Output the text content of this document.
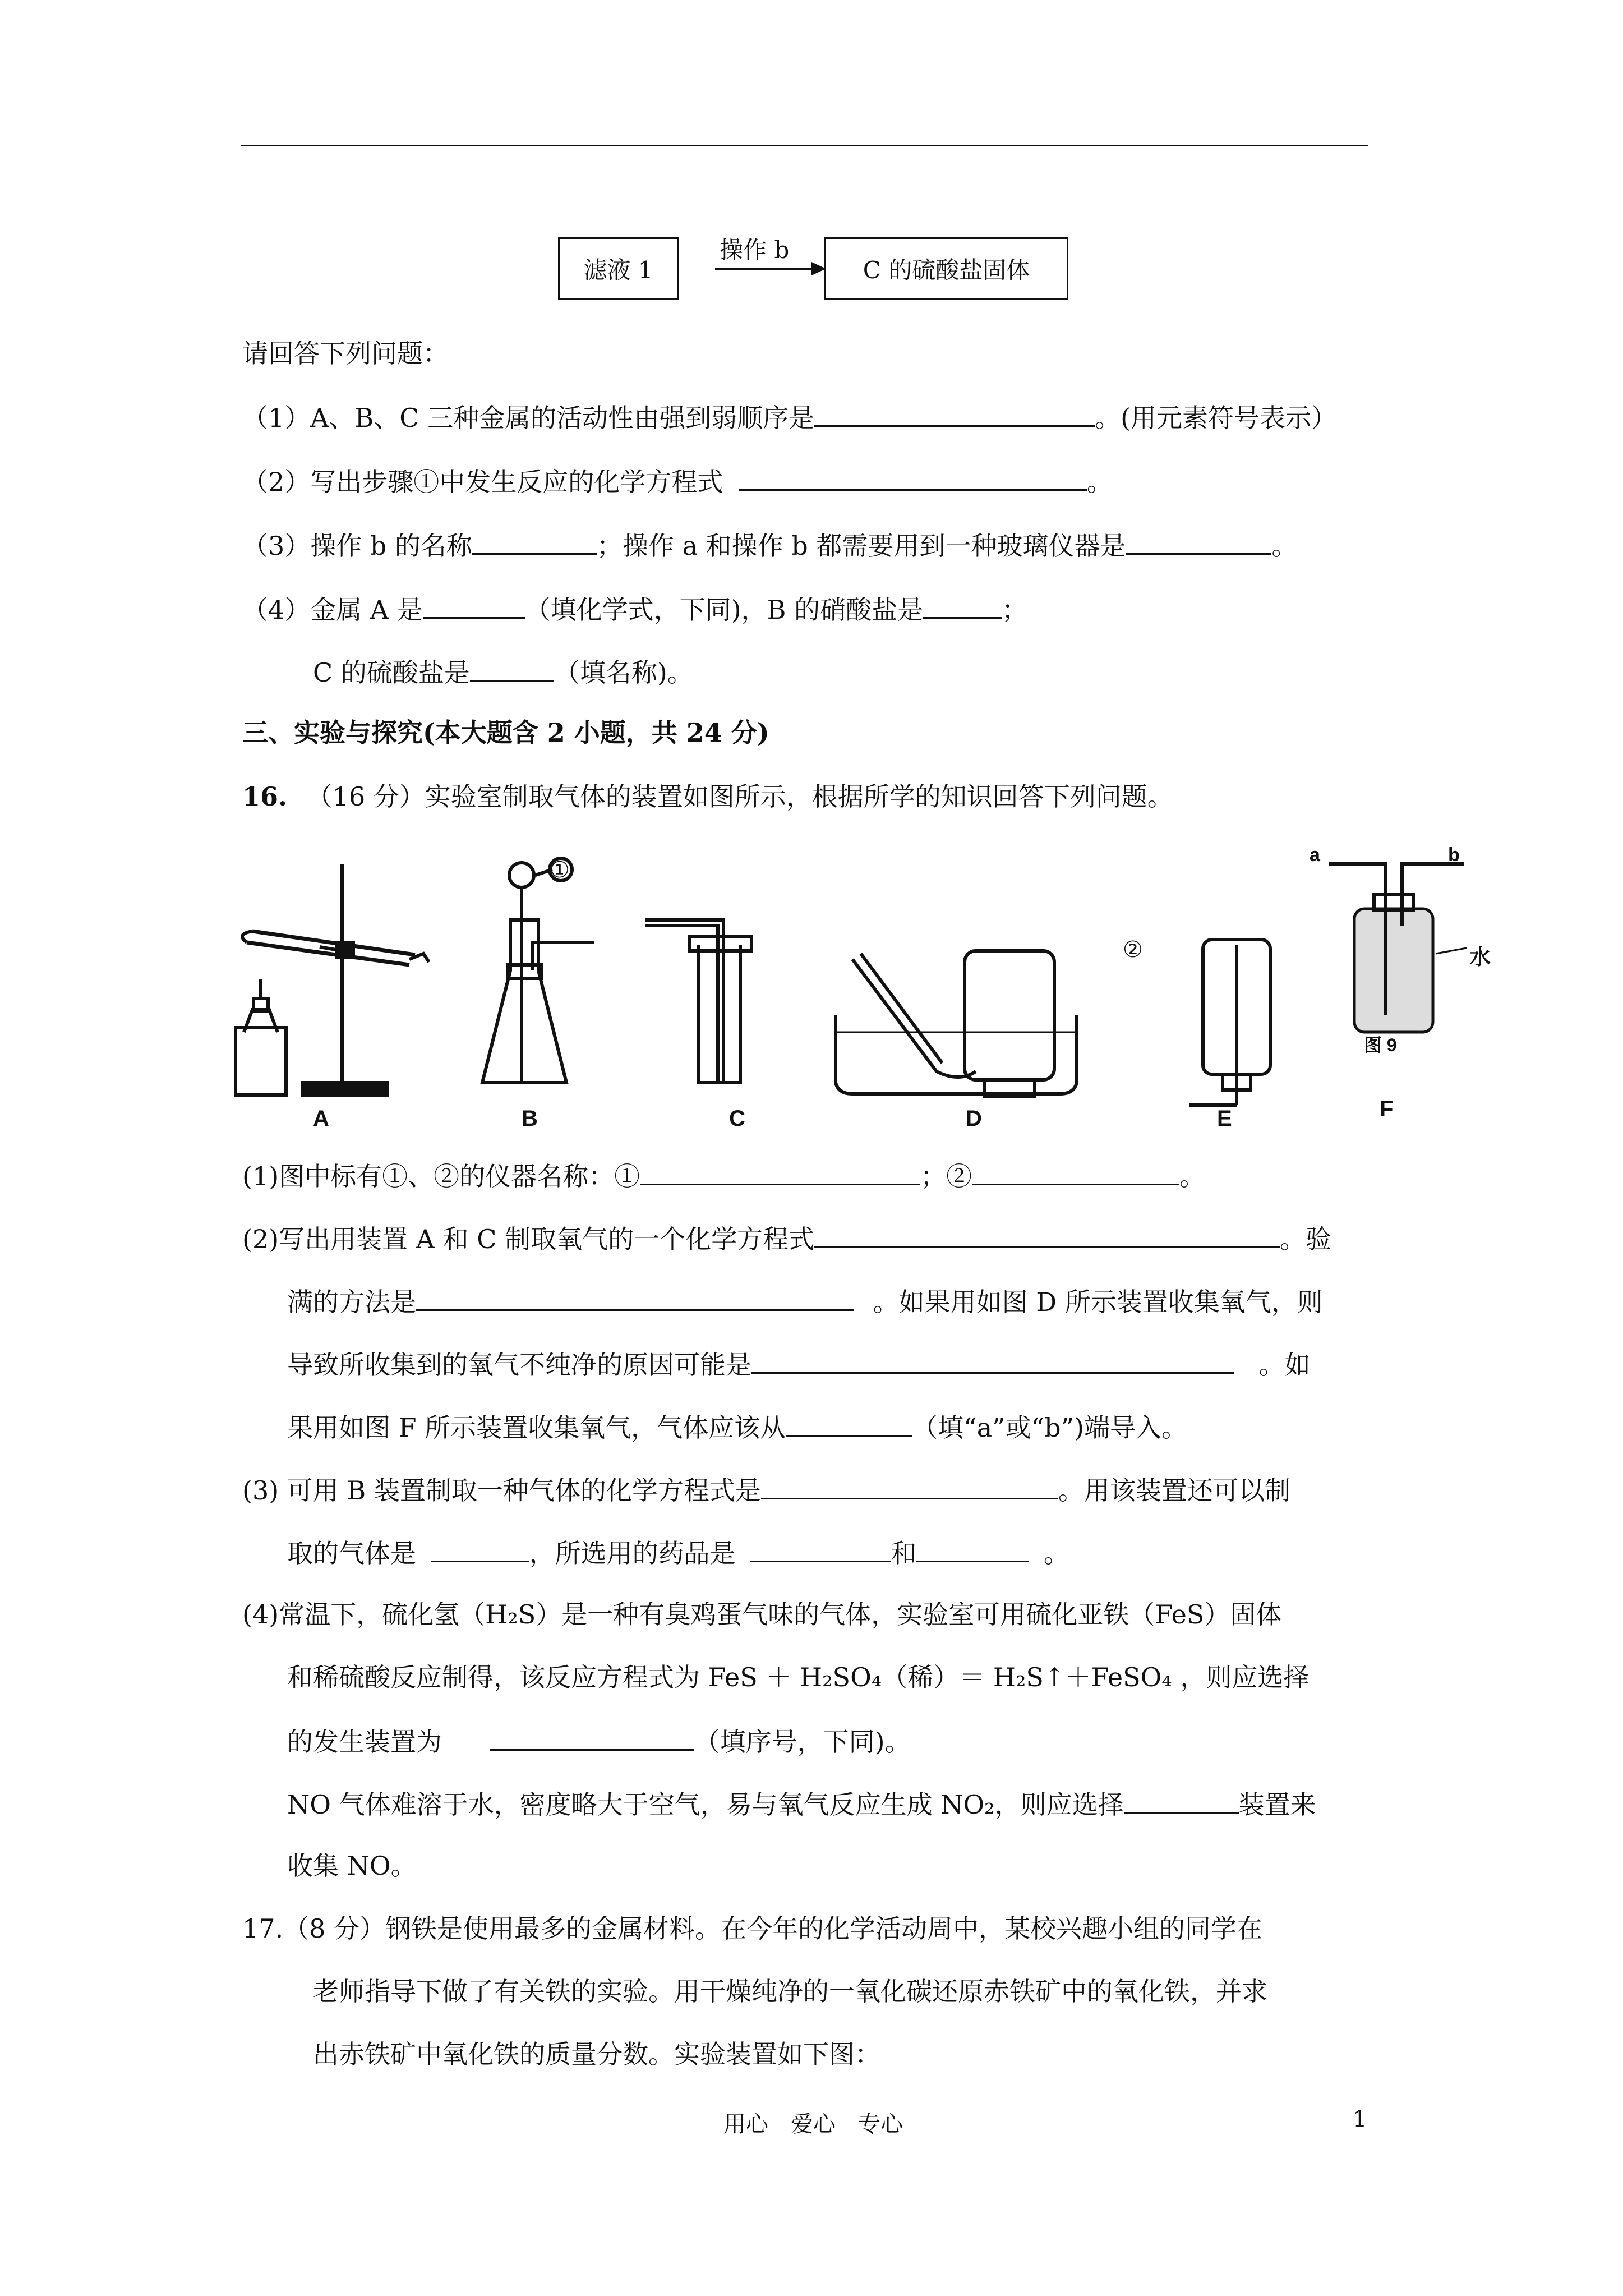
滤液 1
操作 b
C 的硫酸盐固体
请回答下列问题：
（1）A、B、C 三种金属的活动性由强到弱顺序是	。(用元素符号表示）
（2）写出步骤①中发生反应的化学方程式	。
（3）操作 b 的名称	；操作 a 和操作 b 都需要用到一种玻璃仪器是	。
（4）金属 A 是	（填化学式，下同)，B 的硝酸盐是	；
C 的硫酸盐是	（填名称)。
三、实验与探究(本大题含 2 小题，共 24 分)
16. （16 分）实验室制取气体的装置如图所示，根据所学的知识回答下列问题。
①
②
a	b
水
图 9
A	B	C	D	E	F
(1)图中标有①、②的仪器名称：①	；②	。
(2)写出用装置 A 和 C 制取氧气的一个化学方程式	。验
满的方法是	。如果用如图 D 所示装置收集氧气，则
导致所收集到的氧气不纯净的原因可能是	。如
果用如图 F 所示装置收集氧气，气体应该从	（填“a”或“b”)端导入。
(3) 可用 B 装置制取一种气体的化学方程式是	。用该装置还可以制
取的气体是	，所选用的药品是	和	。
(4)常温下，硫化氢（H₂S）是一种有臭鸡蛋气味的气体，实验室可用硫化亚铁（FeS）固体
和稀硫酸反应制得，该反应方程式为 FeS ＋ H₂SO₄（稀）＝ H₂S↑＋FeSO₄ ，则应选择
的发生装置为	（填序号，下同)。
NO 气体难溶于水，密度略大于空气，易与氧气反应生成 NO₂，则应选择	装置来
收集 NO。
17.（8 分）钢铁是使用最多的金属材料。在今年的化学活动周中，某校兴趣小组的同学在
老师指导下做了有关铁的实验。用干燥纯净的一氧化碳还原赤铁矿中的氧化铁，并求
出赤铁矿中氧化铁的质量分数。实验装置如下图：
用心　爱心　专心	1
